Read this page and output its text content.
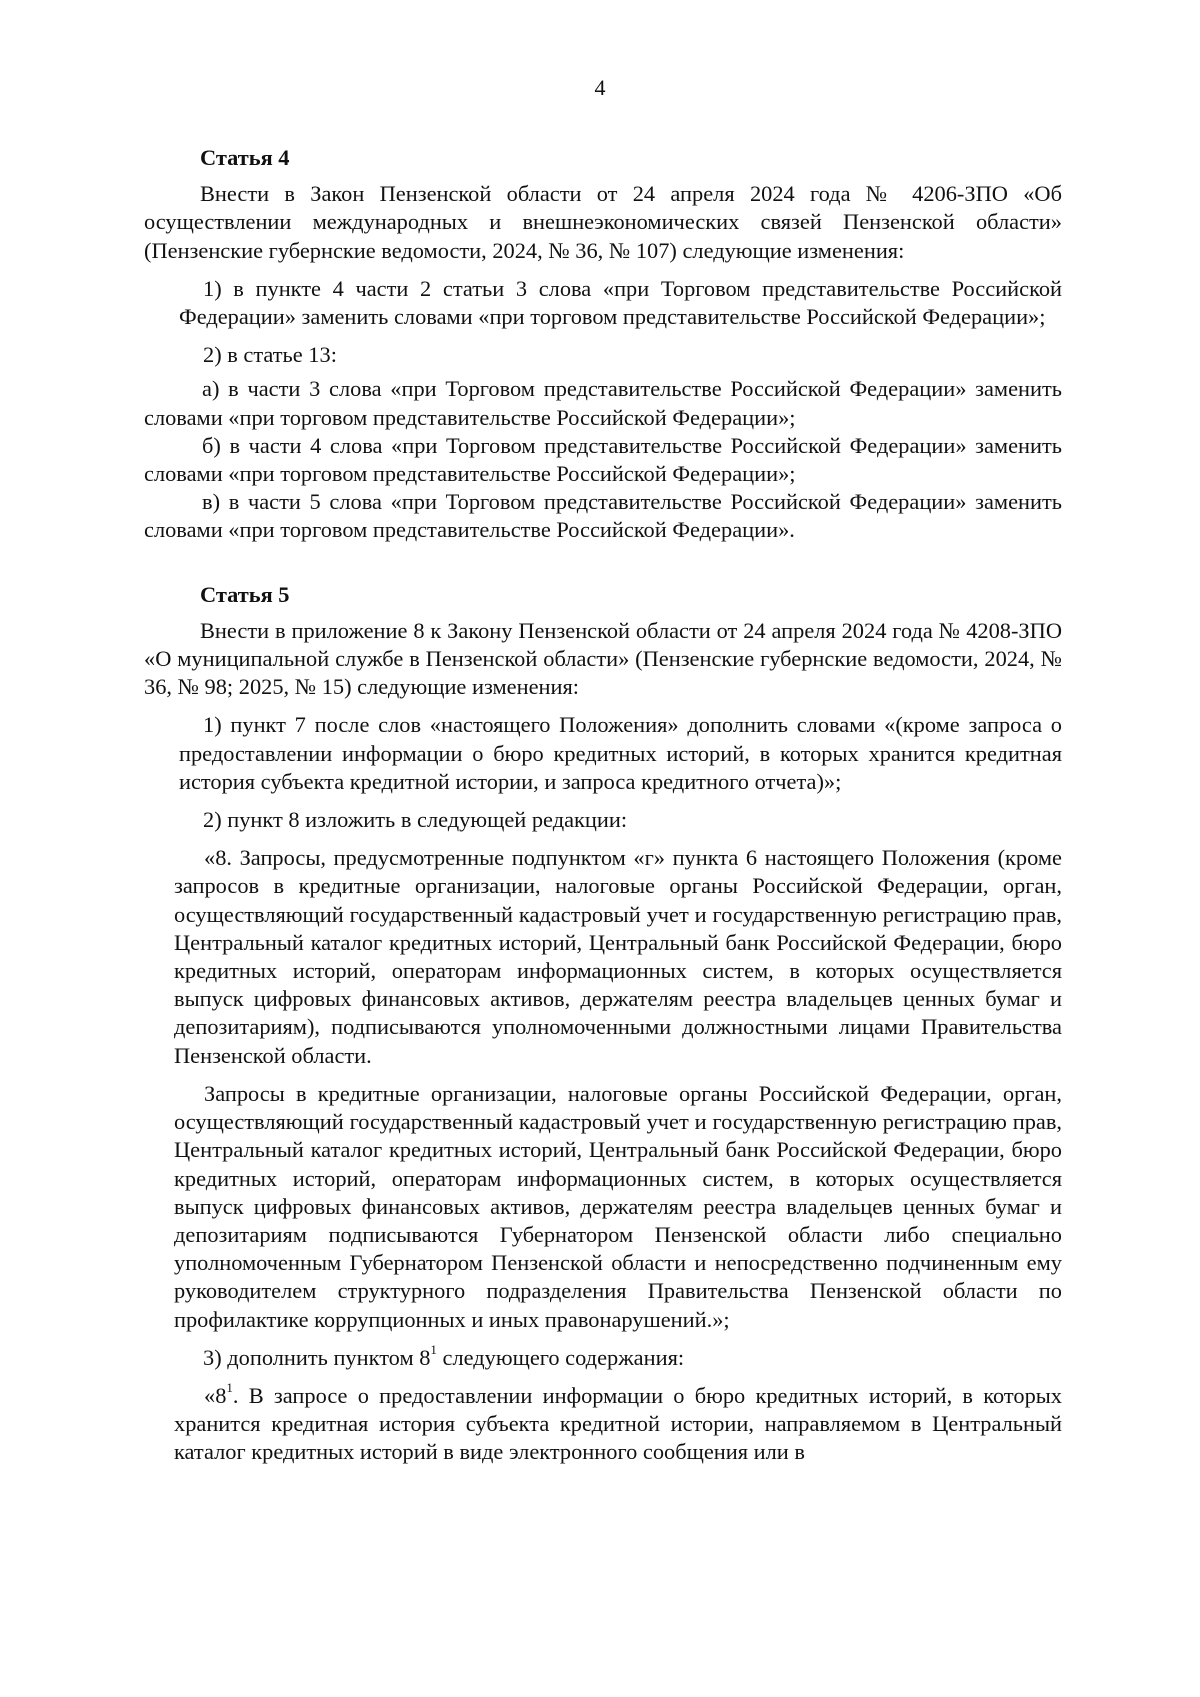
4

Статья 4

Внести в Закон Пензенской области от 24 апреля 2024 года № 4206-ЗПО «Об осуществлении международных и внешнеэкономических связей Пензенской области» (Пензенские губернские ведомости, 2024, № 36, № 107) следующие изменения:

1) в пункте 4 части 2 статьи 3 слова «при Торговом представительстве Российской Федерации» заменить словами «при торговом представительстве Российской Федерации»;

2) в статье 13:

а) в части 3 слова «при Торговом представительстве Российской Федерации» заменить словами «при торговом представительстве Российской Федерации»;

б) в части 4 слова «при Торговом представительстве Российской Федерации» заменить словами «при торговом представительстве Российской Федерации»;

в) в части 5 слова «при Торговом представительстве Российской Федерации» заменить словами «при торговом представительстве Российской Федерации».

Статья 5

Внести в приложение 8 к Закону Пензенской области от 24 апреля 2024 года № 4208-ЗПО «О муниципальной службе в Пензенской области» (Пензенские губернские ведомости, 2024, № 36, № 98; 2025, № 15) следующие изменения:

1) пункт 7 после слов «настоящего Положения» дополнить словами «(кроме запроса о предоставлении информации о бюро кредитных историй, в которых хранится кредитная история субъекта кредитной истории, и запроса кредитного отчета)»;

2) пункт 8 изложить в следующей редакции:

«8. Запросы, предусмотренные подпунктом «г» пункта 6 настоящего Положения (кроме запросов в кредитные организации, налоговые органы Российской Федерации, орган, осуществляющий государственный кадастровый учет и государственную регистрацию прав, Центральный каталог кредитных историй, Центральный банк Российской Федерации, бюро кредитных историй, операторам информационных систем, в которых осуществляется выпуск цифровых финансовых активов, держателям реестра владельцев ценных бумаг и депозитариям), подписываются уполномоченными должностными лицами Правительства Пензенской области.

Запросы в кредитные организации, налоговые органы Российской Федерации, орган, осуществляющий государственный кадастровый учет и государственную регистрацию прав, Центральный каталог кредитных историй, Центральный банк Российской Федерации, бюро кредитных историй, операторам информационных систем, в которых осуществляется выпуск цифровых финансовых активов, держателям реестра владельцев ценных бумаг и депозитариям подписываются Губернатором Пензенской области либо специально уполномоченным Губернатором Пензенской области и непосредственно подчиненным ему руководителем структурного подразделения Правительства Пензенской области по профилактике коррупционных и иных правонарушений.»;

3) дополнить пунктом $8^1$ следующего содержания:

«$8^1$. В запросе о предоставлении информации о бюро кредитных историй, в которых хранится кредитная история субъекта кредитной истории, направляемом в Центральный каталог кредитных историй в виде электронного сообщения или в
